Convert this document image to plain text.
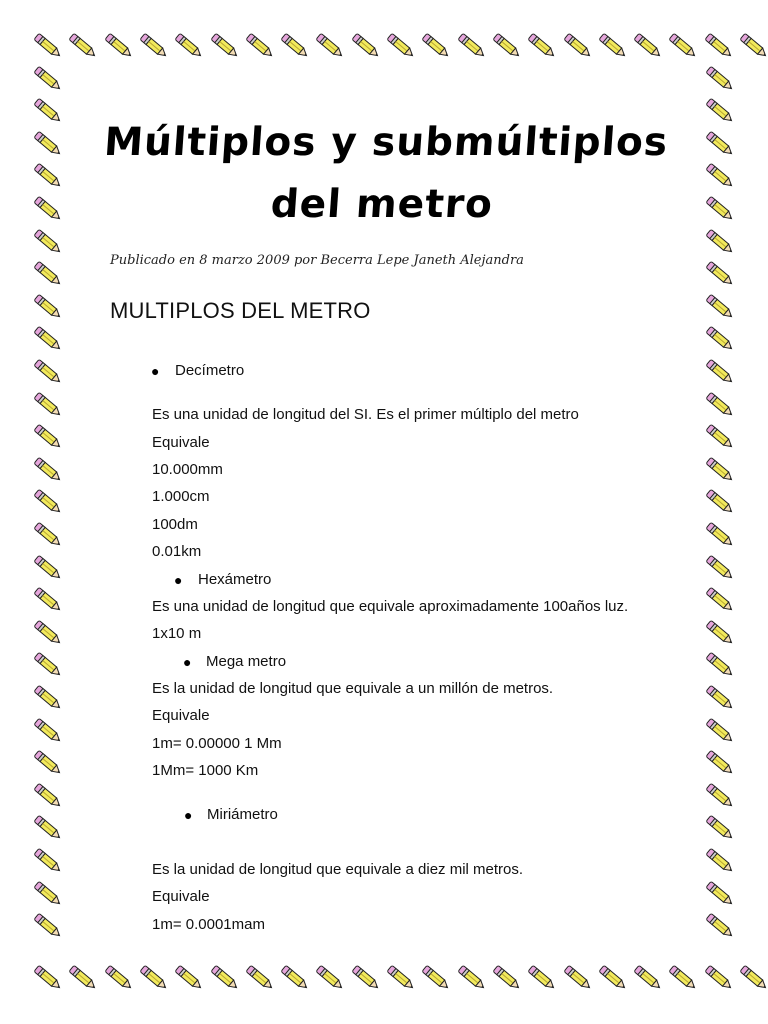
Múltiplos y submúltiplos
del metro
Publicado en 8 marzo 2009 por Becerra Lepe Janeth Alejandra
MULTIPLOS DEL METRO
● Decímetro
Es una unidad de longitud del SI. Es el primer múltiplo del metro
Equivale
10.000mm
1.000cm
100dm
0.01km
● Hexámetro
Es una unidad de longitud que equivale aproximadamente 100años luz.
1x10 m
● Mega metro
Es la unidad de longitud que equivale a un millón de metros.
Equivale
1m= 0.00000 1 Mm
1Mm= 1000 Km
● Miriámetro
Es la unidad de longitud que equivale a diez mil metros.
Equivale
1m= 0.0001mam
